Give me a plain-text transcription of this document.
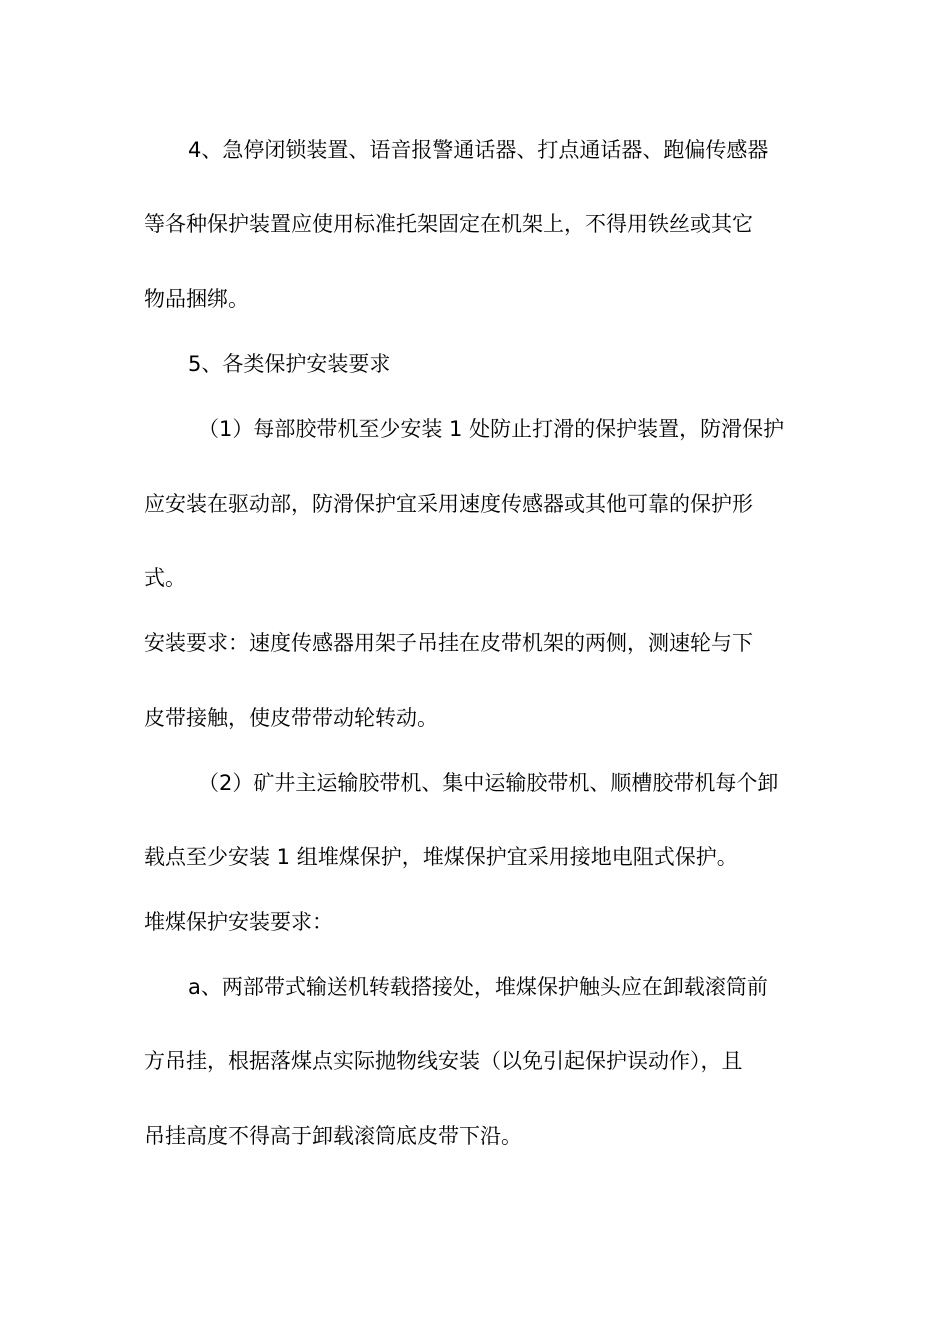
4、急停闭锁装置、语音报警通话器、打点通话器、跑偏传感器
等各种保护装置应使用标准托架固定在机架上，不得用铁丝或其它
物品捆绑。
5、各类保护安装要求
（1）每部胶带机至少安装 1 处防止打滑的保护装置，防滑保护
应安装在驱动部，防滑保护宜采用速度传感器或其他可靠的保护形
式。
安装要求：速度传感器用架子吊挂在皮带机架的两侧，测速轮与下
皮带接触，使皮带带动轮转动。
（2）矿井主运输胶带机、集中运输胶带机、顺槽胶带机每个卸
载点至少安装 1 组堆煤保护，堆煤保护宜采用接地电阻式保护。
堆煤保护安装要求：
a、两部带式输送机转载搭接处，堆煤保护触头应在卸载滚筒前
方吊挂，根据落煤点实际抛物线安装（以免引起保护误动作），且
吊挂高度不得高于卸载滚筒底皮带下沿。
